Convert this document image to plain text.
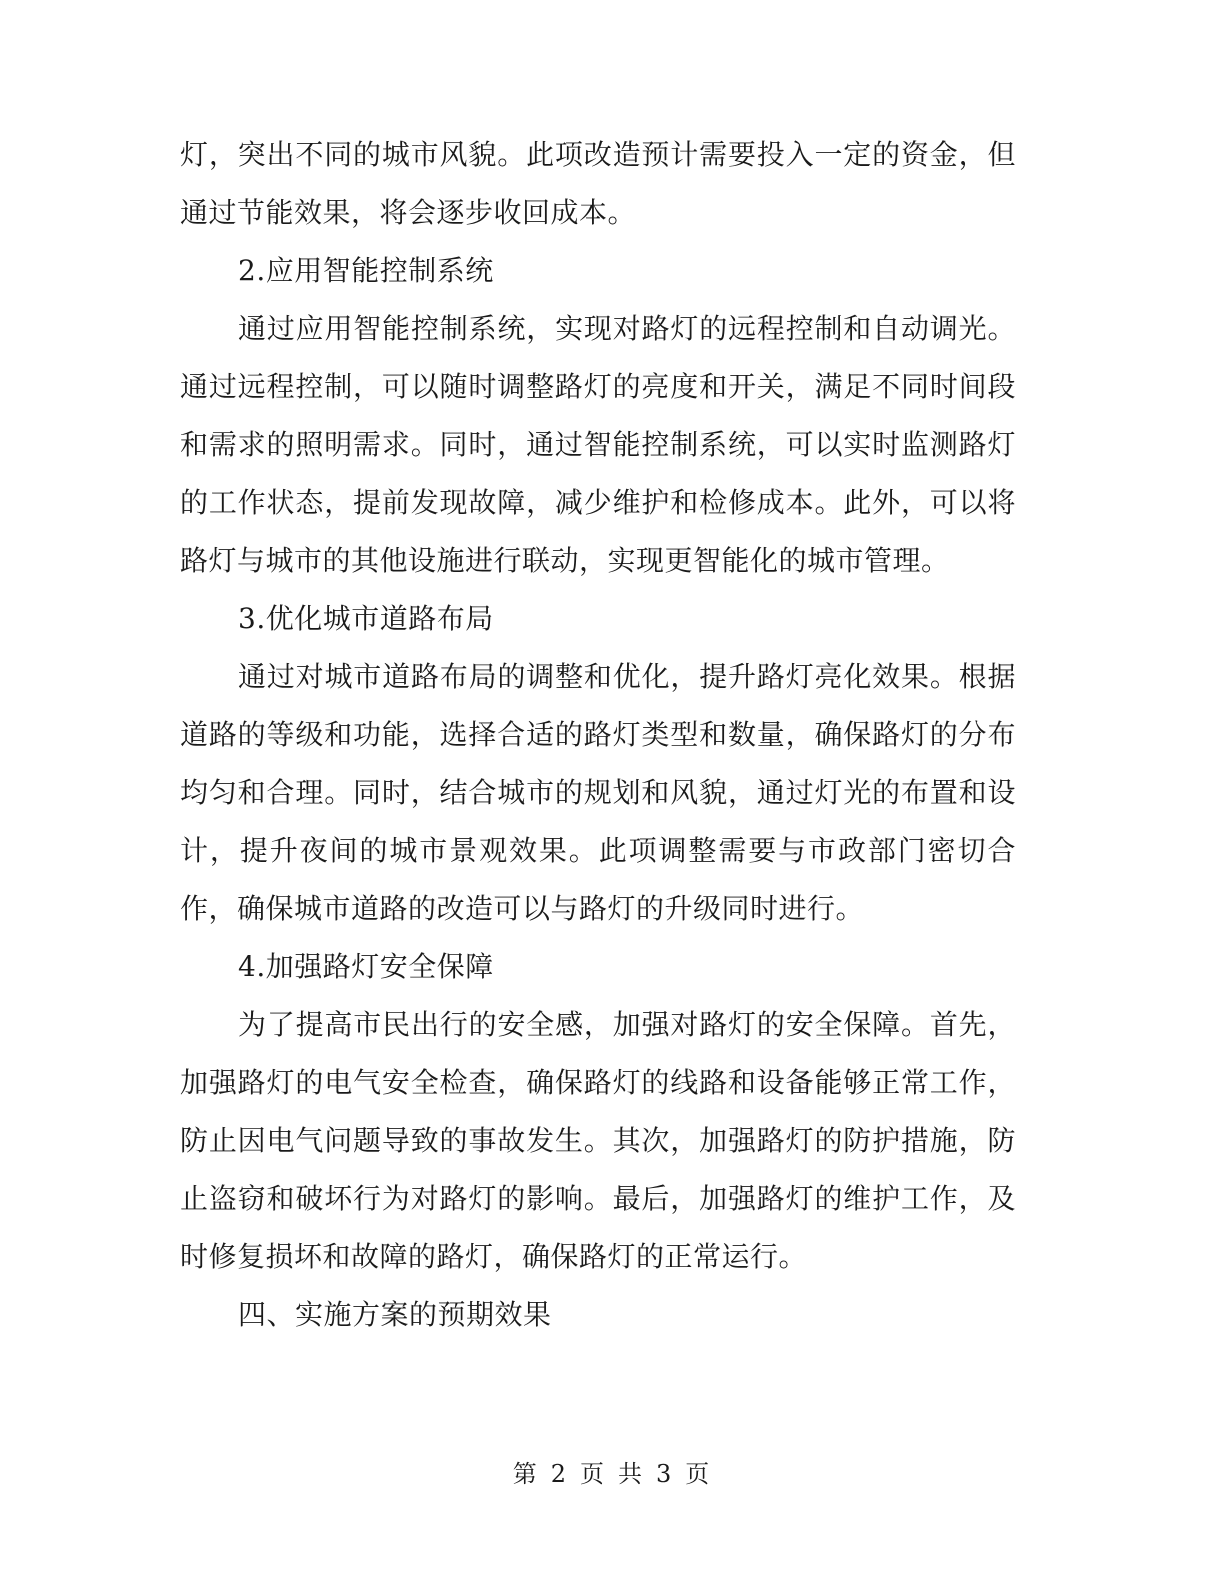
灯，突出不同的城市风貌。此项改造预计需要投入一定的资金，但通过节能效果，将会逐步收回成本。

2.应用智能控制系统

通过应用智能控制系统，实现对路灯的远程控制和自动调光。通过远程控制，可以随时调整路灯的亮度和开关，满足不同时间段和需求的照明需求。同时，通过智能控制系统，可以实时监测路灯的工作状态，提前发现故障，减少维护和检修成本。此外，可以将路灯与城市的其他设施进行联动，实现更智能化的城市管理。

3.优化城市道路布局

通过对城市道路布局的调整和优化，提升路灯亮化效果。根据道路的等级和功能，选择合适的路灯类型和数量，确保路灯的分布均匀和合理。同时，结合城市的规划和风貌，通过灯光的布置和设计，提升夜间的城市景观效果。此项调整需要与市政部门密切合作，确保城市道路的改造可以与路灯的升级同时进行。

4.加强路灯安全保障

为了提高市民出行的安全感，加强对路灯的安全保障。首先，加强路灯的电气安全检查，确保路灯的线路和设备能够正常工作，防止因电气问题导致的事故发生。其次，加强路灯的防护措施，防止盗窃和破坏行为对路灯的影响。最后，加强路灯的维护工作，及时修复损坏和故障的路灯，确保路灯的正常运行。

四、实施方案的预期效果

第 2 页 共 3 页
